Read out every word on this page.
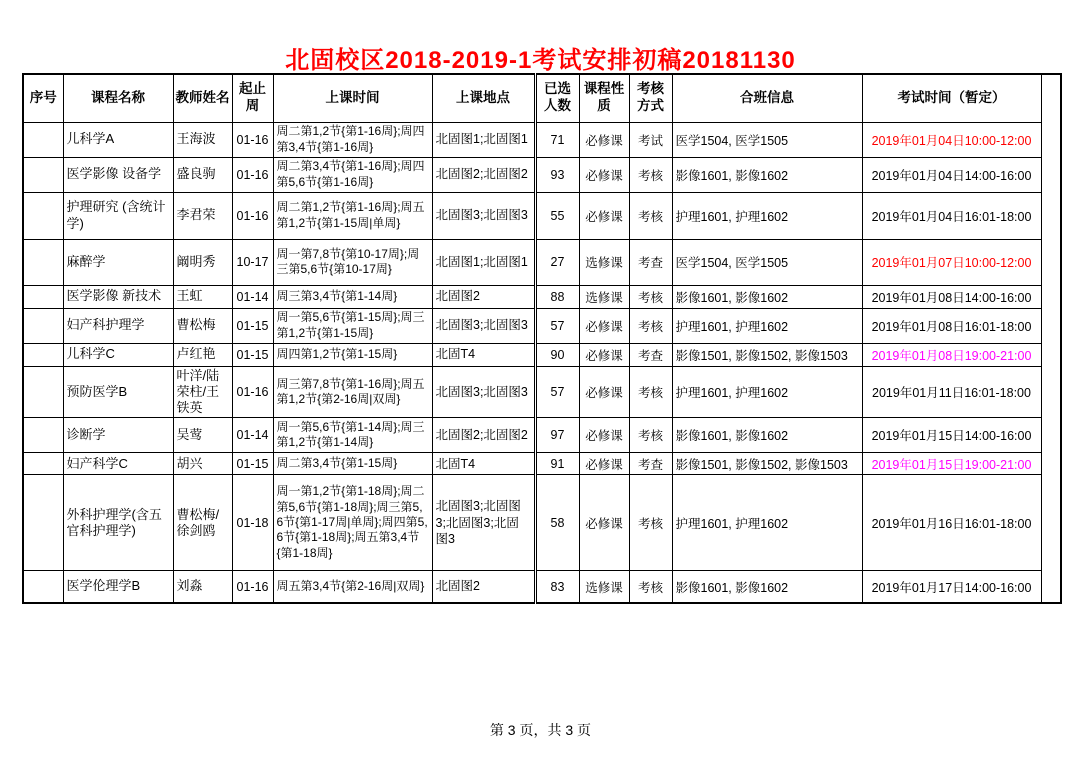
北固校区2018-2019-1考试安排初稿20181130
序号	课程名称	教师姓名	起止周	上课时间	上课地点	已选人数	课程性质	考核方式	合班信息	考试时间（暂定）	
	儿科学A	王海波	01-16	周二第1,2节{第1-16周};周四第3,4节{第1-16周}	北固图1;北固图1	71	必修课	考试	医学1504, 医学1505	2019年01月04日10:00-12:00	
	医学影像 设备学	盛良驹	01-16	周二第3,4节{第1-16周};周四第5,6节{第1-16周}	北固图2;北固图2	93	必修课	考核	影像1601, 影像1602	2019年01月04日14:00-16:00	
	护理研究 (含统计学)	李君荣	01-16	周二第1,2节{第1-16周};周五第1,2节{第1-15周|单周}	北固图3;北固图3	55	必修课	考核	护理1601, 护理1602	2019年01月04日16:01-18:00	
	麻醉学	阚明秀	10-17	周一第7,8节{第10-17周};周三第5,6节{第10-17周}	北固图1;北固图1	27	选修课	考查	医学1504, 医学1505	2019年01月07日10:00-12:00	
	医学影像 新技术	王虹	01-14	周三第3,4节{第1-14周}	北固图2	88	选修课	考核	影像1601, 影像1602	2019年01月08日14:00-16:00	
	妇产科护理学	曹松梅	01-15	周一第5,6节{第1-15周};周三第1,2节{第1-15周}	北固图3;北固图3	57	必修课	考核	护理1601, 护理1602	2019年01月08日16:01-18:00	
	儿科学C	卢红艳	01-15	周四第1,2节{第1-15周}	北固T4	90	必修课	考查	影像1501, 影像1502, 影像1503	2019年01月08日19:00-21:00	
	预防医学B	叶洋/陆荣柱/王铁英	01-16	周三第7,8节{第1-16周};周五第1,2节{第2-16周|双周}	北固图3;北固图3	57	必修课	考核	护理1601, 护理1602	2019年01月11日16:01-18:00	
	诊断学	吴莺	01-14	周一第5,6节{第1-14周};周三第1,2节{第1-14周}	北固图2;北固图2	97	必修课	考核	影像1601, 影像1602	2019年01月15日14:00-16:00	
	妇产科学C	胡兴	01-15	周二第3,4节{第1-15周}	北固T4	91	必修课	考查	影像1501, 影像1502, 影像1503	2019年01月15日19:00-21:00	
	外科护理学(含五官科护理学)	曹松梅/徐剑鸥	01-18	周一第1,2节{第1-18周};周二第5,6节{第1-18周};周三第5,6节{第1-17周|单周};周四第5,6节{第1-18周};周五第3,4节{第1-18周}	北固图3;北固图3;北固图3;北固图3	58	必修课	考核	护理1601, 护理1602	2019年01月16日16:01-18:00	
	医学伦理学B	刘淼	01-16	周五第3,4节{第2-16周|双周}	北固图2	83	选修课	考核	影像1601, 影像1602	2019年01月17日14:00-16:00	
第 3 页，共 3 页
